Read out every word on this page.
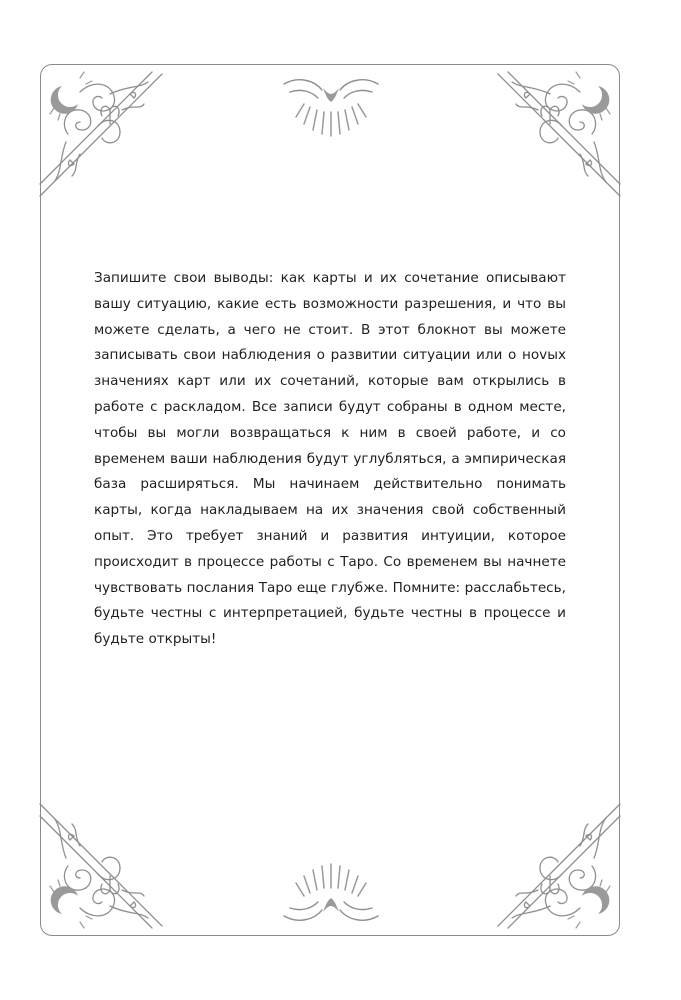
Запишите свои выводы: как карты и их сочетание описывают вашу ситуацию, какие есть возможности разрешения, и что вы можете сделать, а чего не стоит. В этот блокнот вы можете записывать свои наблюдения о развитии ситуации или о ноvых значениях карт или их сочетаний, которые вам открылись в работе с раскладом. Все записи будут собраны в одном месте, чтобы вы могли возвращаться к ним в своей работе, и со временем ваши наблюдения будут углубляться, а эмпирическая база расширяться. Мы начинаем действительно понимать карты, когда накладываем на их значения свой собственный опыт. Это требует знаний и развития интуиции, которое происходит в процессе работы с Таро. Со временем вы начнете чувствовать послания Таро еще глубже. Помните: расслабьтесь, будьте честны с интерпретацией, будьте честны в процессе и будьте открыты!
